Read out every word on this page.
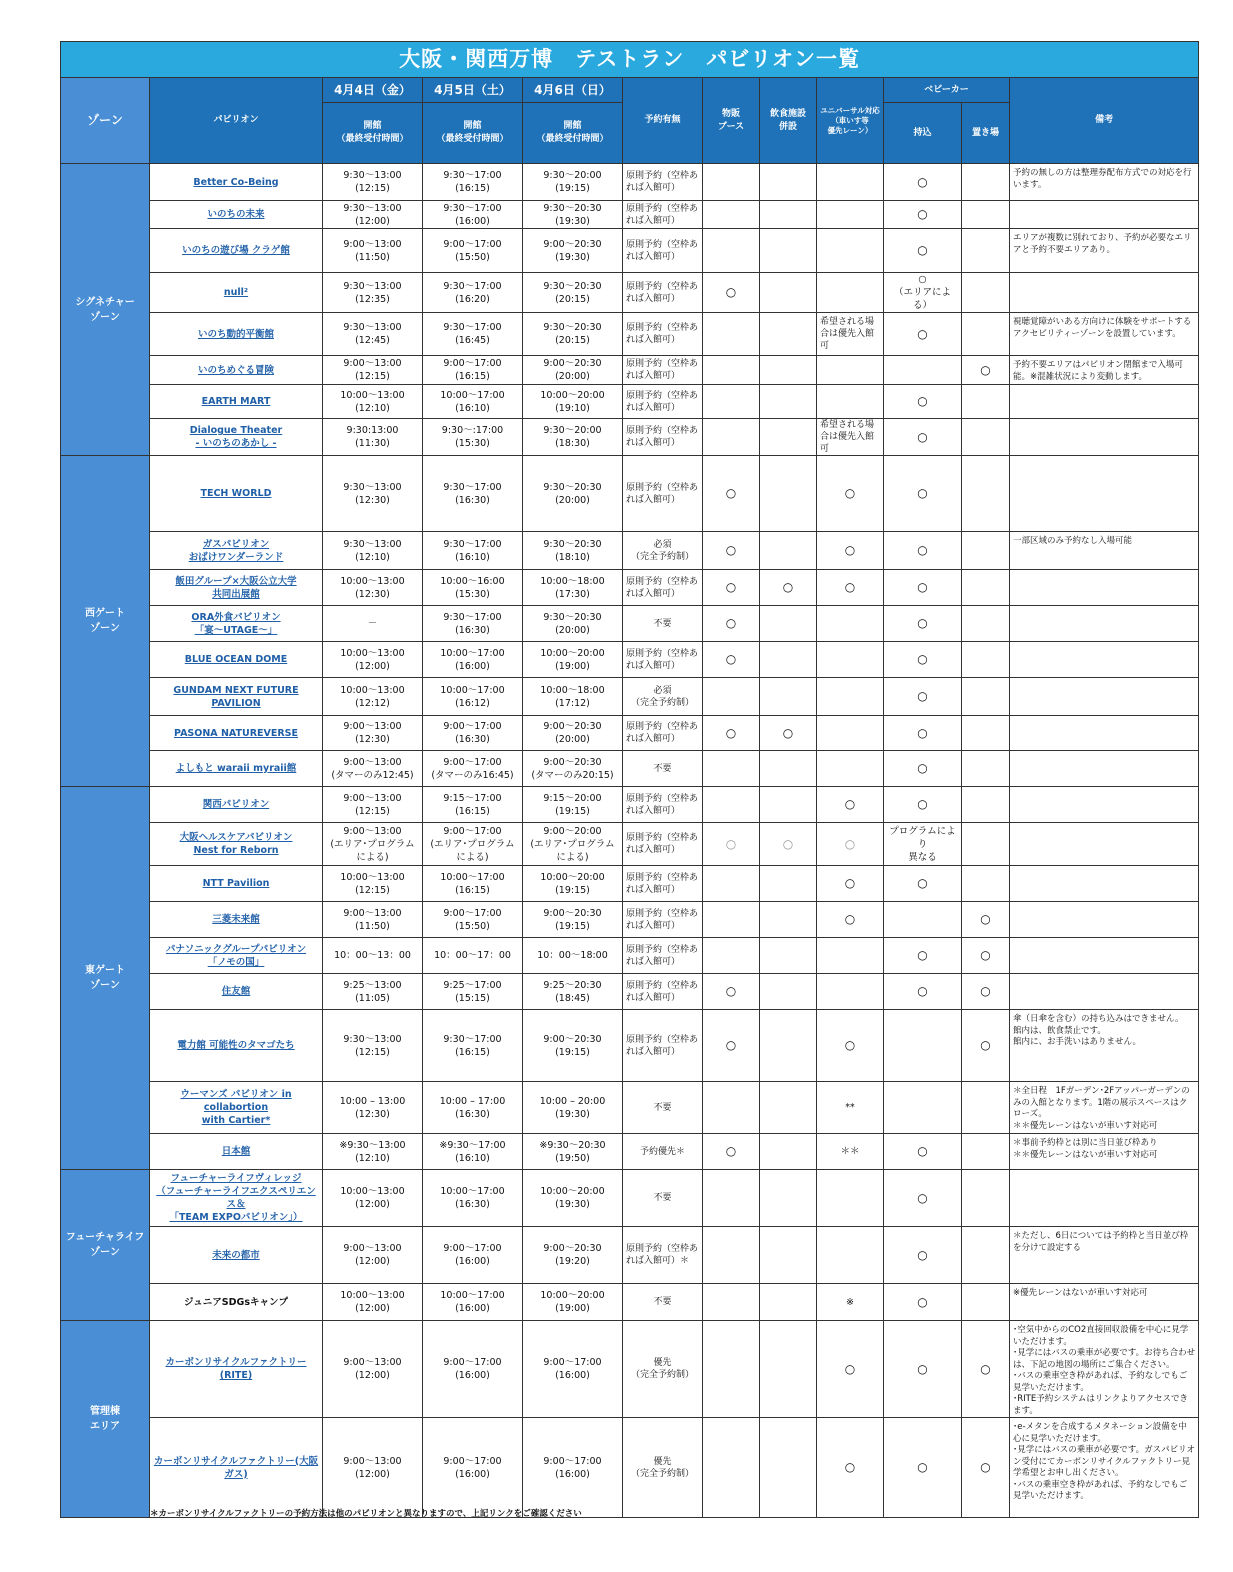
大阪・関西万博　テストラン　パビリオン一覧											
ゾーン	パビリオン	4月4日（金）	4月5日（土）	4月6日（日）	予約有無	物販
ブース	飲食施設
併設	ユニバーサル対応
（車いす等
優先レーン）	ベビーカー		備考
		開館
（最終受付時間）	開館
（最終受付時間）	開館
（最終受付時間）					持込	置き場	
シグネチャー
ゾーン	Better Co-Being	9:30～13:00
(12:15)	9:30～17:00
(16:15)	9:30～20:00
(19:15)	原則予約（空枠あれば入館可）				○		予約の無しの方は整理券配布方式での対応を行います。
	いのちの未来	9:30～13:00
(12:00)	9:30～17:00
(16:00)	9:30～20:30
(19:30)	原則予約（空枠あれば入館可）				○		
	いのちの遊び場 クラゲ館	9:00～13:00
(11:50)	9:00～17:00
(15:50)	9:00～20:30
(19:30)	原則予約（空枠あれば入館可）				○		エリアが複数に別れており、予約が必要なエリアと予約不要エリアあり。
	null²	9:30～13:00
(12:35)	9:30～17:00
(16:20)	9:30～20:30
(20:15)	原則予約（空枠あれば入館可）	○			○
（エリアによる）		
	いのち動的平衡館	9:30～13:00
(12:45)	9:30～17:00
(16:45)	9:30～20:30
(20:15)	原則予約（空枠あれば入館可）			希望される場合は優先入館可	○		視聴覚障がいある方向けに体験をサポートするアクセビリティーゾーンを設置しています。
	いのちめぐる冒険	9:00～13:00
(12:15)	9:00～17:00
(16:15)	9:00～20:30
(20:00)	原則予約（空枠あれば入館可）					○	予約不要エリアはパビリオン閉館まで入場可能。※混雑状況により変動します。
	EARTH MART	10:00～13:00
(12:10)	10:00～17:00
(16:10)	10:00～20:00
(19:10)	原則予約（空枠あれば入館可）				○		
	Dialogue Theater
- いのちのあかし -	9:30:13:00
(11:30)	9:30～:17:00
(15:30)	9:30～20:00
(18:30)	原則予約（空枠あれば入館可）			希望される場合は優先入館可	○		
西ゲート
ゾーン	TECH WORLD	9:30～13:00
(12:30)	9:30～17:00
(16:30)	9:30～20:30
(20:00)	原則予約（空枠あれば入館可）	○		○	○		
	ガスパビリオン
おばけワンダーランド	9:30～13:00
(12:10)	9:30～17:00
(16:10)	9:30～20:30
(18:10)	必須
（完全予約制）	○		○	○		一部区域のみ予約なし入場可能
	飯田グループ×大阪公立大学
共同出展館	10:00～13:00
(12:30)	10:00～16:00
(15:30)	10:00～18:00
(17:30)	原則予約（空枠あれば入館可）	○	○	○	○		
	ORA外食パビリオン
「宴～UTAGE～」	－	9:30～17:00
(16:30)	9:30～20:30
(20:00)	不要	○			○		
	BLUE OCEAN DOME	10:00～13:00
(12:00)	10:00～17:00
(16:00)	10:00～20:00
(19:00)	原則予約（空枠あれば入館可）	○			○		
	GUNDAM NEXT FUTURE
PAVILION	10:00～13:00
(12:12)	10:00～17:00
(16:12)	10:00～18:00
(17:12)	必須
（完全予約制）				○		
	PASONA NATUREVERSE	9:00～13:00
(12:30)	9:00～17:00
(16:30)	9:00～20:30
(20:00)	原則予約（空枠あれば入館可）	○	○		○		
	よしもと waraii myraii館	9:00～13:00
(タマーのみ12:45)	9:00～17:00
(タマーのみ16:45)	9:00～20:30
(タマーのみ20:15)	不要				○		
東ゲート
ゾーン	関西パビリオン	9:00～13:00
(12:15)	9:15～17:00
(16:15)	9:15～20:00
(19:15)	原則予約（空枠あれば入館可）			○	○		
	大阪ヘルスケアパビリオン
Nest for Reborn	9:00～13:00
(エリア･プログラムによる)	9:00～17:00
(エリア･プログラムによる)	9:00～20:00
(エリア･プログラムによる)	原則予約（空枠あれば入館可）	○	○	○	プログラムにより
異なる		
	NTT Pavilion	10:00～13:00
(12:15)	10:00～17:00
(16:15)	10:00～20:00
(19:15)	原則予約（空枠あれば入館可）			○	○		
	三菱未来館	9:00～13:00
(11:50)	9:00～17:00
(15:50)	9:00～20:30
(19:15)	原則予約（空枠あれば入館可）			○		○	
	パナソニックグループパビリオン
「ノモの国」	10：00～13：00	10：00～17：00	10：00～18:00	原則予約（空枠あれば入館可）				○	○	
	住友館	9:25～13:00
(11:05)	9:25～17:00
(15:15)	9:25～20:30
(18:45)	原則予約（空枠あれば入館可）	○			○	○	
	電力館 可能性のタマゴたち	9:30～13:00
(12:15)	9:30～17:00
(16:15)	9:00～20:30
(19:15)	原則予約（空枠あれば入館可）	○		○		○	傘（日傘を含む）の持ち込みはできません。
館内は、飲食禁止です。
館内に、お手洗いはありません。
	ウーマンズ パビリオン in collabortion
with Cartier*	10:00 – 13:00
(12:30)	10:00 – 17:00
(16:30)	10:00 – 20:00
(19:30)	不要			**			＊全日程　1Fガーデン･2Fアッパーガーデンのみの入館となります。1階の展示スペースはクローズ。
＊＊優先レーンはないが車いす対応可
	日本館	※9:30～13:00
(12:10)	※9:30～17:00
(16:10)	※9:30～20:30
(19:50)	予約優先＊	○		＊＊	○		＊事前予約枠とは別に当日並び枠あり
＊＊優先レーンはないが車いす対応可
フューチャライフ
ゾーン	フューチャーライフヴィレッジ
（フューチャーライフエクスペリエンス＆
「TEAM EXPOパビリオン」）	10:00～13:00
(12:00)	10:00～17:00
(16:30)	10:00～20:00
(19:30)	不要				○		
	未来の都市	9:00～13:00
(12:00)	9:00～17:00
(16:00)	9:00～20:30
(19:20)	原則予約（空枠あれば入館可）＊				○		＊ただし、6日については予約枠と当日並び枠を分けて設定する
	ジュニアSDGsキャンプ	10:00～13:00
(12:00)	10:00～17:00
(16:00)	10:00～20:00
(19:00)	不要			※	○		※優先レーンはないが車いす対応可
管理棟
エリア	カーボンリサイクルファクトリー(RITE)	9:00～13:00
(12:00)	9:00～17:00
(16:00)	9:00～17:00
(16:00)	優先
（完全予約制）			○	○	○	･空気中からのCO2直接回収設備を中心に見学いただけます。
･見学にはバスの乗車が必要です。お待ち合わせは、下記の地図の場所にご集合ください。
･バスの乗車空き枠があれば、予約なしでもご見学いただけます。
･RITE予約システムはリンクよりアクセスできます。
	カーボンリサイクルファクトリー(大阪ガス)	9:00～13:00
(12:00)	9:00～17:00
(16:00)	9:00～17:00
(16:00)	優先
（完全予約制）			○	○	○	･e-メタンを合成するメタネーション設備を中心に見学いただけます。
･見学にはバスの乗車が必要です。ガスパビリオン受付にてカーボンリサイクルファクトリー見学希望とお申し出ください。
･バスの乗車空き枠があれば、予約なしでもご見学いただけます。
＊カーボンリサイクルファクトリーの予約方法は他のパビリオンと異なりますので、上記リンクをご確認ください
